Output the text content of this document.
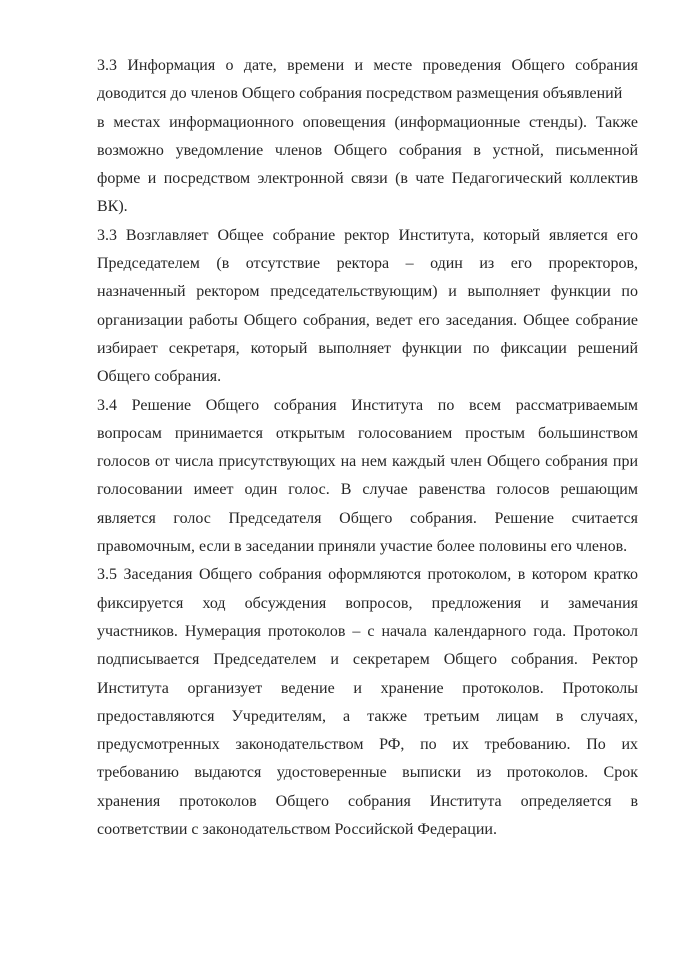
3.3 Информация о дате, времени и месте проведения Общего собрания
доводится до членов Общего собрания посредством размещения объявлений
в местах информационного оповещения (информационные стенды). Также
возможно уведомление членов Общего собрания в устной, письменной
форме и посредством электронной связи (в чате Педагогический коллектив
ВК).
3.3 Возглавляет Общее собрание ректор Института, который является его
Председателем (в отсутствие ректора – один из его проректоров,
назначенный ректором председательствующим) и выполняет функции по
организации работы Общего собрания, ведет его заседания. Общее собрание
избирает секретаря, который выполняет функции по фиксации решений
Общего собрания.
3.4 Решение Общего собрания Института по всем рассматриваемым
вопросам принимается открытым голосованием простым большинством
голосов от числа присутствующих на нем каждый член Общего собрания при
голосовании имеет один голос. В случае равенства голосов решающим
является голос Председателя Общего собрания. Решение считается
правомочным, если в заседании приняли участие более половины его членов.
3.5 Заседания Общего собрания оформляются протоколом, в котором кратко
фиксируется ход обсуждения вопросов, предложения и замечания
участников. Нумерация протоколов – с начала календарного года. Протокол
подписывается Председателем и секретарем Общего собрания. Ректор
Института организует ведение и хранение протоколов. Протоколы
предоставляются Учредителям, а также третьим лицам в случаях,
предусмотренных законодательством РФ, по их требованию. По их
требованию выдаются удостоверенные выписки из протоколов. Срок
хранения протоколов Общего собрания Института определяется в
соответствии с законодательством Российской Федерации.
